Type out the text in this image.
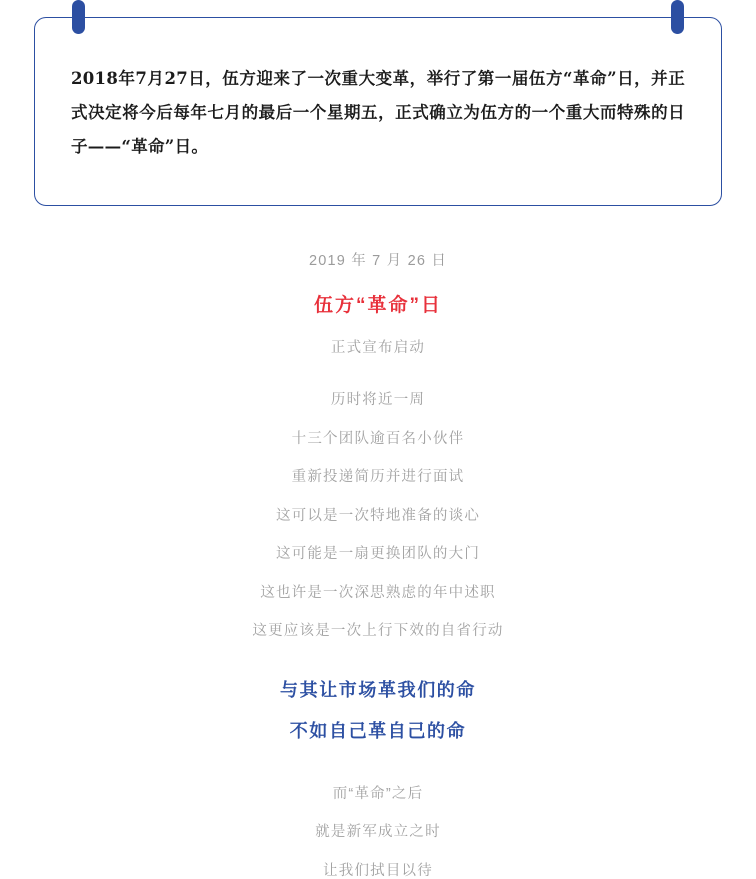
2018年7月27日，伍方迎来了一次重大变革，举行了第一届伍方“革命”日，并正式决定将今后每年七月的最后一个星期五，正式确立为伍方的一个重大而特殊的日子——“革命”日。

2019 年 7 月 26 日
伍方“革命”日
正式宣布启动
历时将近一周
十三个团队逾百名小伙伴
重新投递简历并进行面试
这可以是一次特地准备的谈心
这可能是一扇更换团队的大门
这也许是一次深思熟虑的年中述职
这更应该是一次上行下效的自省行动
与其让市场革我们的命
不如自己革自己的命
而“革命”之后
就是新军成立之时
让我们拭目以待
